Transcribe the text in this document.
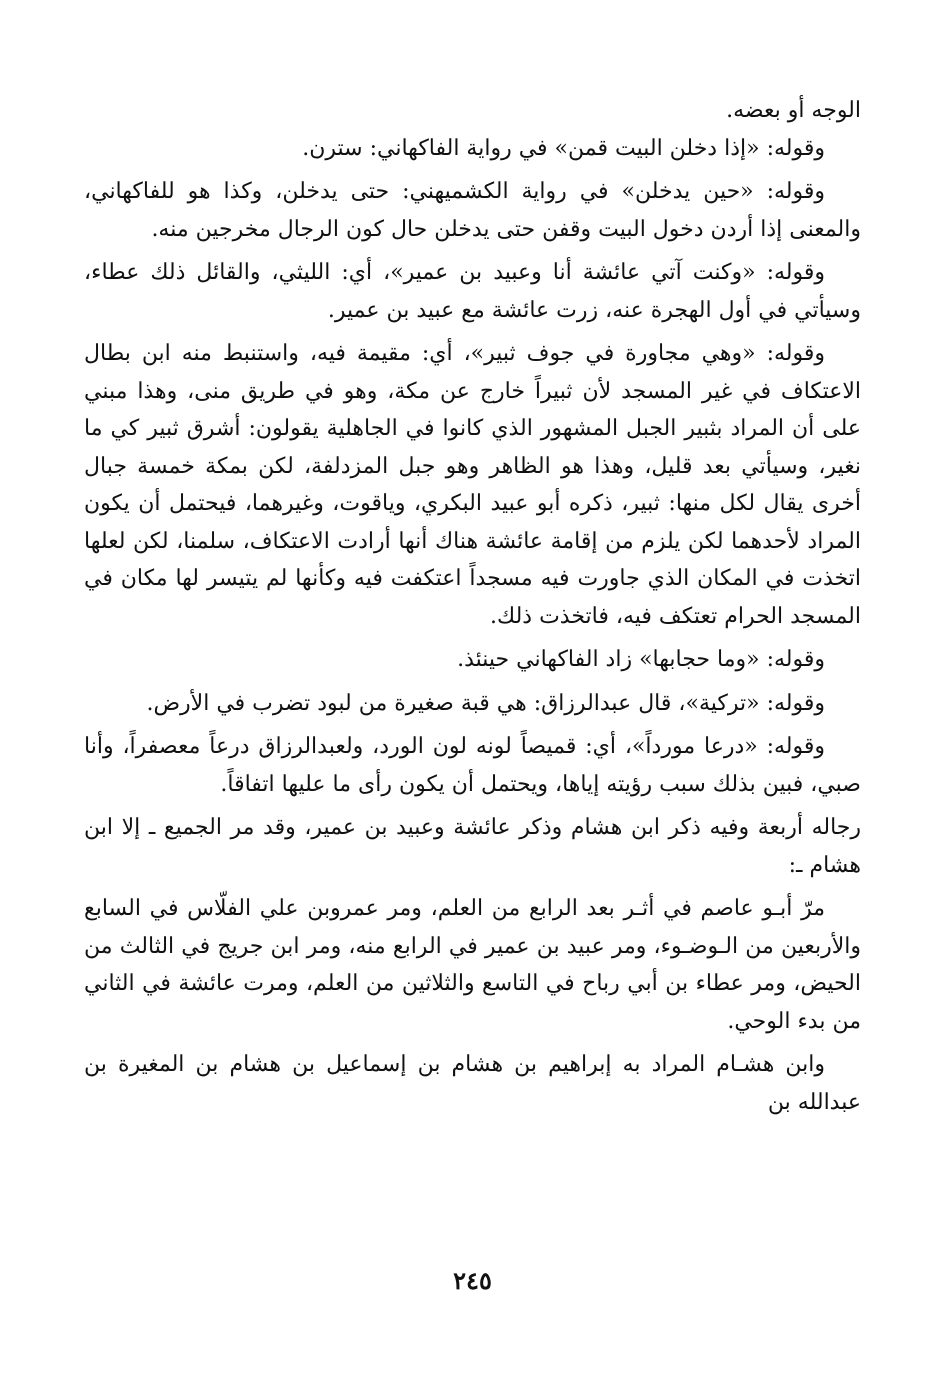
الوجه أو بعضه.

وقوله: «إذا دخلن البيت قمن» في رواية الفاكهاني: سترن.

وقوله: «حين يدخلن» في رواية الكشميهني: حتى يدخلن، وكذا هو للفاكهاني، والمعنى إذا أردن دخول البيت وقفن حتى يدخلن حال كون الرجال مخرجين منه.

وقوله: «وكنت آتي عائشة أنا وعبيد بن عمير»، أي: الليثي، والقائل ذلك عطاء، وسيأتي في أول الهجرة عنه، زرت عائشة مع عبيد بن عمير.

وقوله: «وهي مجاورة في جوف ثبير»، أي: مقيمة فيه، واستنبط منه ابن بطال الاعتكاف في غير المسجد لأن ثبيراً خارج عن مكة، وهو في طريق منى، وهذا مبني على أن المراد بثبير الجبل المشهور الذي كانوا في الجاهلية يقولون: أشرق ثبير كي ما نغير، وسيأتي بعد قليل، وهذا هو الظاهر وهو جبل المزدلفة، لكن بمكة خمسة جبال أخرى يقال لكل منها: ثبير، ذكره أبو عبيد البكري، وياقوت، وغيرهما، فيحتمل أن يكون المراد لأحدهما لكن يلزم من إقامة عائشة هناك أنها أرادت الاعتكاف، سلمنا، لكن لعلها اتخذت في المكان الذي جاورت فيه مسجداً اعتكفت فيه وكأنها لم يتيسر لها مكان في المسجد الحرام تعتكف فيه، فاتخذت ذلك.

وقوله: «وما حجابها» زاد الفاكهاني حينئذ.

وقوله: «تركية»، قال عبدالرزاق: هي قبة صغيرة من لبود تضرب في الأرض.

وقوله: «درعا مورداً»، أي: قميصاً لونه لون الورد، ولعبدالرزاق درعاً معصفراً، وأنا صبي، فبين بذلك سبب رؤيته إياها، ويحتمل أن يكون رأى ما عليها اتفاقاً.

رجاله أربعة وفيه ذكر ابن هشام وذكر عائشة وعبيد بن عمير، وقد مر الجميع ـ إلا ابن هشام ـ:

مرّ أبـو عاصم في أثـر بعد الرابع من العلم، ومر عمروبن علي الفلّاس في السابع والأربعين من الـوضـوء، ومر عبيد بن عمير في الرابع منه، ومر ابن جريج في الثالث من الحيض، ومر عطاء بن أبي رباح في التاسع والثلاثين من العلم، ومرت عائشة في الثاني من بدء الوحي.

وابن هشـام المراد به إبراهيم بن هشام بن إسماعيل بن هشام بن المغيرة بن عبدالله بن

٢٤٥
